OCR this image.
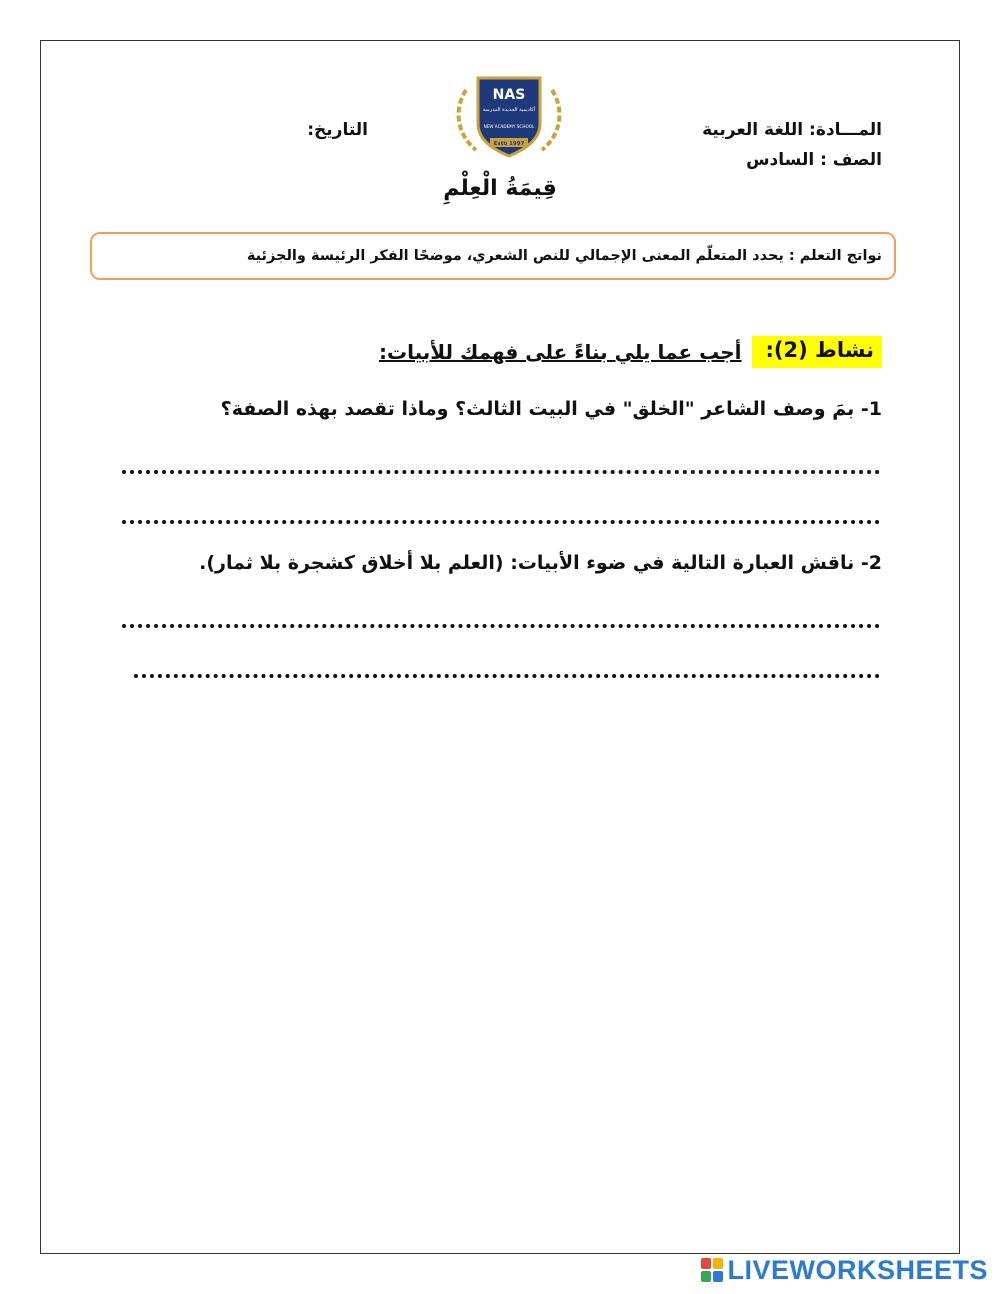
NAS
أكاديمية الجديدة المدرسة
NEW ACADEMY SCHOOL
Estb 1997
المـــادة: اللغة العربية
الصف : السادس
التاريخ:
قِيمَةُ الْعِلْمِ
نواتج التعلم : يحدد المتعلّم المعنى الإجمالي للنص الشعري، موضحًا الفكر الرئيسة والجزئية
نشاط (2):
أجب عما يلي بناءً على فهمك للأبيات:
1- بمَ وصف الشاعر "الخلق" في البيت الثالث؟ وماذا تقصد بهذه الصفة؟
2- ناقش العبارة التالية في ضوء الأبيات: (العلم بلا أخلاق كشجرة بلا ثمار).
LIVEWORKSHEETS
